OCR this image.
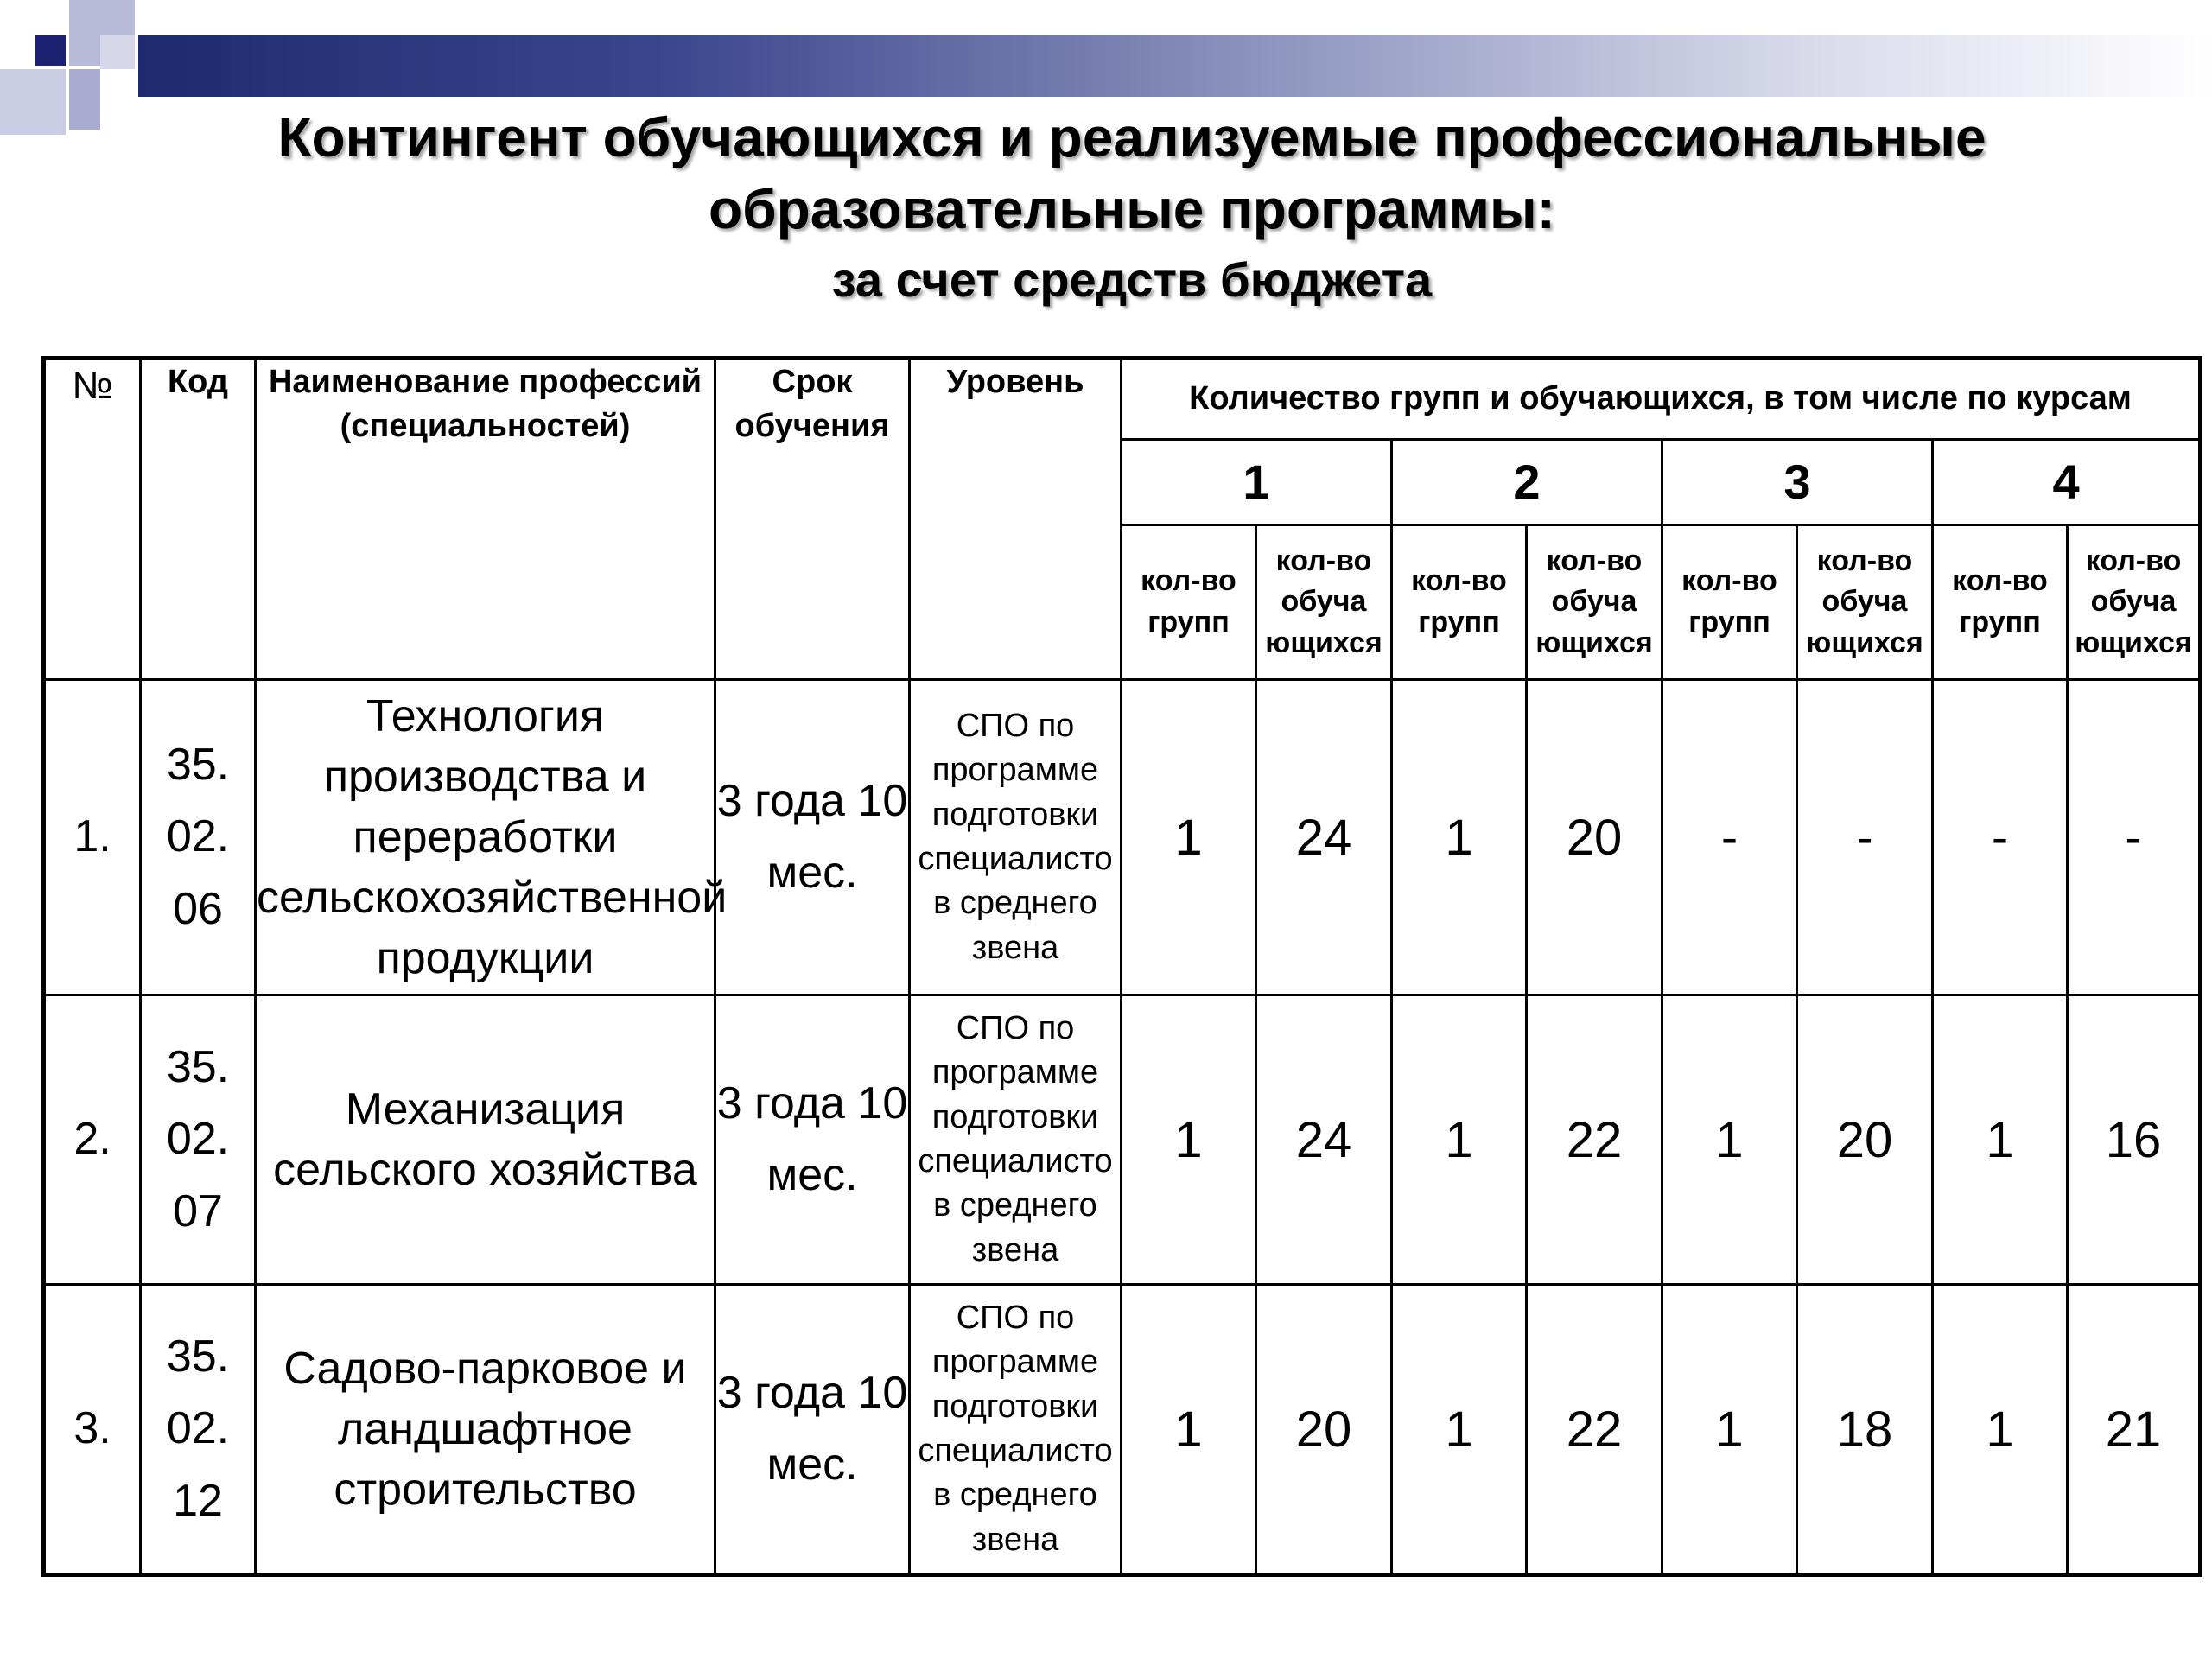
Контингент обучающихся и реализуемые профессиональные
образовательные программы:
за счет средств бюджета
№	Код	Наименование профессий (специальностей)	Срок обучения	Уровень	Количество групп и обучающихся, в том числе по курсам							
					1		2		3		4	
					кол-во групп	кол-во обуча ющихся	кол-во групп	кол-во обуча ющихся	кол-во групп	кол-во обуча ющихся	кол-во групп	кол-во обуча ющихся
1.	35. 02. 06	Технология производства и переработки сельскохозяйственной продукции	3 года 10 мес.	СПО по программе подготовки специалисто в среднего звена	1	24	1	20	-	-	-	-
2.	35. 02. 07	Механизация сельского хозяйства	3 года 10 мес.	СПО по программе подготовки специалисто в среднего звена	1	24	1	22	1	20	1	16
3.	35. 02. 12	Садово-парковое и ландшафтное строительство	3 года 10 мес.	СПО по программе подготовки специалисто в среднего звена	1	20	1	22	1	18	1	21
